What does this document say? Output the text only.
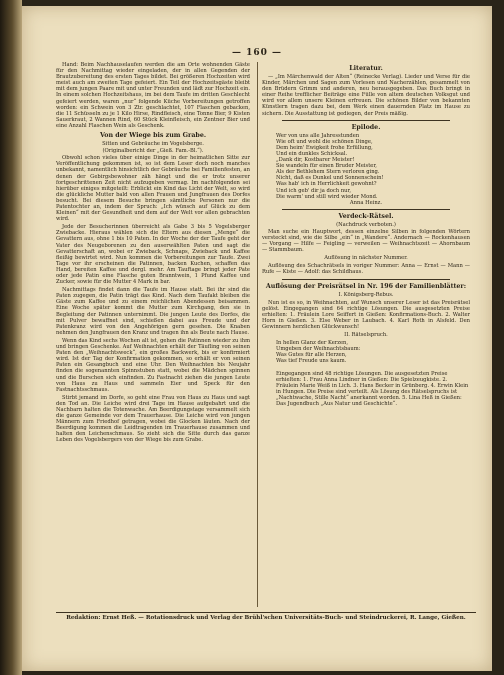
— 160 —

Hand: Beim Nachhauselaufen werden die am Orte wohnenden Gäste für den Nachmittag wieder eingeladen, der in allen Gegenden der Brautzubereitung des ersten Tages bildet. Bei größeren Hochzeiten wird meist auch am zweiten Tage gefeiert. Ein Teil der Hochzeitsgäste bleibt mit dem jungen Paare mit und unter Freunden und lädt zur Hochzeit ein. In einem solchen Hochzeitshaus, im bei dem Taufe im dritten Geschlecht gefeiert werden, waren „nur“ folgende Küche Vorbereitungen getroffen worden: ein Schwein von 3 Ztr. geschlachtet, 107 Flaschen gebacken, die 11 Schüsseln zu je 1 Kilo Hirse, Rindfleisch, eine Tonne Bier, 9 Kisten Sauerkraut, 2 Wannen Rind, 60 Stück Kleinfleisch, ein Zentner Bier und eine Anzahl Flaschen Wein als Geschenk.

Von der Wiege bis zum Grabe.

Sitten und Gebräuche im Vogelsberge.

(Originalbericht der „Gieß. Fam.-Bl.“).

Obwohl schon vieles über einige Dinge in der heimatlichen Sitte zur Veröffentlichung gekommen ist, so ist dem Leser doch noch manches unbekannt, namentlich hinsichtlich der Gebräuche bei Familienfesten, an denen der Gebirgsbewohner zäh hängt und die er trotz unserer fortgeschrittenen Zeit nicht aufzugeben vermag. Im nachfolgenden sei hierüber einiges mitgeteilt: Erblickt ein Kind das Licht der Welt, so wird die glückliche Mutter bald von allen Frauen und Jungfrauen des Dorfes besucht. Bei diesem Besuche bringen sämtliche Personen nur die Patentochter an, indem der Spruch: „Ich wünsch auf Glück zu dem Kleinen“ mit der Gesundheit und dem auf der Welt vor allen gebrachten wird.

Jede der Besucherinnen überreicht als Gabe 3 bis 5 Vogelsberger Zwiebacke. Hieraus wählen sich die Eltern aus diesen „Menge“ die Gevattern aus, ohne 1 bis 10 Paten. In der Woche der der Taufe geht der Vater des Neugeborenen zu den auserwählten Paten und sagt die Gevatterschaft an, wobei er Zwieback, Schnaps, Zwieback und Kaffee fleißig bewirtet wird. Nun kommen die Vorbereitungen zur Taufe. Zwei Tage vor ihr erscheinen die Patinnen, backen Kuchen, schaffen das Hand, bereiten Kaffee und dergl. mehr. Am Tauftage bringt jeder Pate oder jede Patin eine Flasche guten Branntwein, 1 Pfund Kaffee und Zucker, sowie für die Mutter 4 Mark in bar.

Nachmittags findet dann die Taufe im Hause statt. Bei ihr sind die Paten zugegen, die Patin trägt das Kind. Nach dem Taufakt bleiben die Gäste zum Kaffee und zu einem reichlichen Abendessen beisammen. Eine Woche später kommt die Mutter zum Kirchgang, den sie in Begleitung der Patinnen unternimmt. Die jungen Leute des Dorfes, die mit Pulver bewaffnet sind, schießen dabei aus Freude und der Patenkranz wird von den Angehörigen gern gesehen. Die Knaben nehmen den Jungfrauen den Kranz und tragen ihn als Beute nach Hause.

Wenn das Kind sechs Wochen alt ist, gehen die Patinnen wieder zu ihm und bringen Geschenke. Auf Weihnachten erhält der Täufling von seinen Paten den „Weihnachtsweck“, ein großes Backwerk, bis er konfirmiert wird. Ist der Tag der Konfirmation gekommen, so erhält er von seinen Paten ein Gesangbuch und eine Uhr. Den Weihnachten bis Neujahr finden die sogenannten Spinnstuben statt, wobei die Mädchen spinnen und die Burschen sich einfinden. Zu Fastnacht ziehen die jungen Leute von Haus zu Haus und sammeln Eier und Speck für den Fastnachtsschmaus.

Stirbt jemand im Dorfe, so geht eine Frau von Haus zu Haus und sagt den Tod an. Die Leiche wird drei Tage im Hause aufgebahrt und die Nachbarn halten die Totenwache. Am Beerdigungstage versammelt sich die ganze Gemeinde vor dem Trauerhause. Die Leiche wird von jungen Männern zum Friedhof getragen, wobei die Glocken läuten. Nach der Beerdigung kommen die Leidtragenden im Trauerhause zusammen und halten den Leichenschmaus. So zieht sich die Sitte durch das ganze Leben des Vogelsbergers von der Wiege bis zum Grabe.

Literatur.

— „Im Märchenwald der Alten“ (Reinecke Verlag). Lieder und Verse für die Kinder, Märchen und Sagen zum Vorlesen und Nacherzählen, gesammelt von den Brüdern Grimm und anderen, neu herausgegeben. Das Buch bringt in einer Reihe trefflicher Beiträge eine Fülle von altem deutschen Volksgut und wird vor allem unsere Kleinen erfreuen. Die schönen Bilder von bekannten Künstlern tragen dazu bei, dem Werk einen dauernden Platz im Hause zu sichern. Die Ausstattung ist gediegen, der Preis mäßig.

Epilode.

Wer von uns alle Jahresstunden
Wie oft und wohl die schönen Dinge,
Dem heim' Ewigkeit frohe Erfüllung,
Und ein dunkles Schicksal.
„Dank dir, Kostbarer Meister!
Sie wandeln für einen Bruder Meister,
Als der Bethlehem Stern verloren ging.
Nicht, daß es Dunkel und Sonnenschein!
Was hab' ich in Herrlichkeit gewohnt?
Und ich geb' dir ja doch nur,
Die warm' und still wird wieder Mond.

Anna Heinz.

Verdeck-Rätsel.

(Nachdruck verboten.)

Man suche ein Hauptwort, dessen einzelne Silben in folgenden Wörtern versteckt sind, wie die Silbe „ein“ in „Wandere“. Andernach — Rockenhausen — Vorgang — Hilfe — Feigling — verweilen — Weihnachtszeit — Ahornbaum — Stammbaum.

Auflösung in nächster Nummer.

Auflösung des Schachrätsels in voriger Nummer: Anna — Ernst — Mann — Rufe — Kiste — Adolf: das Schildhaus.

Auflösung der Preisrätsel in Nr. 196 der Familienblätter:

I. Königsberg-Rebus.

Nun ist es so, in Weihnachten, auf Wunsch unserer Leser ist das Preisrätsel gelöst. Eingegangen sind 64 richtige Lösungen. Die ausgesetzten Preise erhielten: 1. Fräulein Lore Seiffert in Gießen: Konfirmations-Buch. 2. Walter Horn in Gießen. 3. Else Weber in Laubach. 4. Karl Roth in Alsfeld. Den Gewinnern herzlichen Glückwunsch!

II. Rätselspruch.

In hellen Glanz der Kerzen,
Umgeben der Weihnachtsbaum:
Was Gutes für alle Herzen,
Was tief Freude uns kaum.

Eingegangen sind 48 richtige Lösungen. Die ausgesetzten Preise erhielten: 1. Frau Anna Lindner in Gießen: Die Spielzeugkiste. 2. Fräulein Marie Weiß in Lich. 3. Hans Becker in Grünberg. 4. Erwin Klein in Hungen. Die Preise sind verteilt. Als Lösung des Rätselspruchs ist „Nachtwache, Stille Nacht“ anerkannt worden. 5. Lina Heß in Gießen: Das Jugendbuch „Aus Natur und Geschichte“.

Redaktion: Ernst Heß. — Rotationsdruck und Verlag der Brühl'schen Universitäts-Buch- und Steindruckerei, R. Lange, Gießen.
